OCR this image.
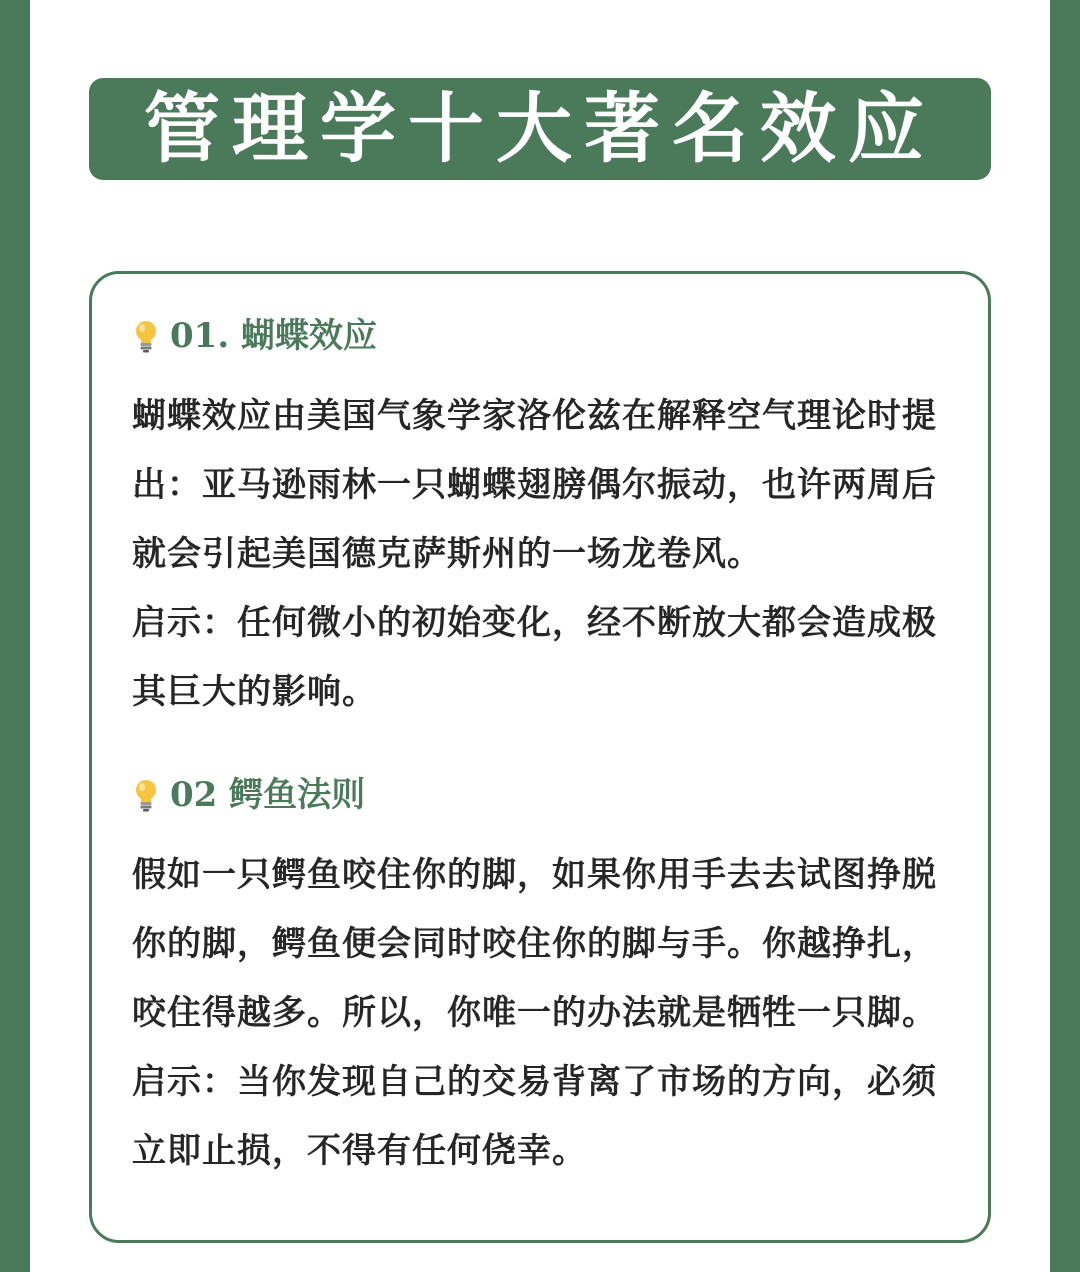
管理学十大著名效应
01. 蝴蝶效应

蝴蝶效应由美国气象学家洛伦兹在解释空气理论时提出：亚马逊雨林一只蝴蝶翅膀偶尔振动，也许两周后就会引起美国德克萨斯州的一场龙卷风。

启示：任何微小的初始变化，经不断放大都会造成极其巨大的影响。

02 鳄鱼法则

假如一只鳄鱼咬住你的脚，如果你用手去去试图挣脱你的脚，鳄鱼便会同时咬住你的脚与手。你越挣扎，咬住得越多。所以，你唯一的办法就是牺牲一只脚。

启示：当你发现自己的交易背离了市场的方向，必须立即止损，不得有任何侥幸。
